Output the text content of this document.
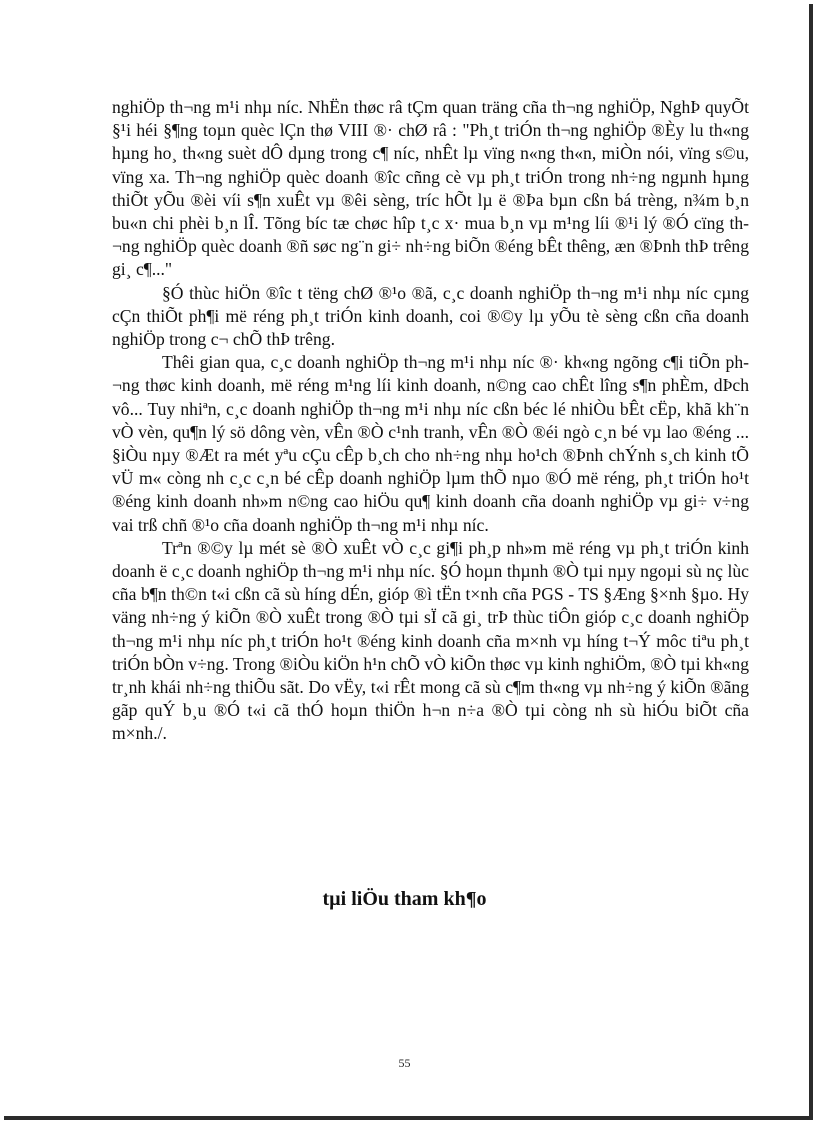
nghiÖp th¬ng m¹i nhµ níc. NhËn thøc râ tÇm quan träng cña th¬ng nghiÖp, NghÞ quyÕt §¹i héi §¶ng toµn quèc lÇn thø VIII ®· chØ râ : "Ph¸t triÓn th¬ng nghiÖp ®Èy lu th«ng hµng ho¸ th«ng suèt dÔ dµng trong c¶ níc, nhÊt lµ vïng n«ng th«n, miÒn nói, vïng s©u, vïng xa. Th¬ng nghiÖp quèc doanh ®îc cñng cè vµ ph¸t triÓn trong nh÷ng ngµnh hµng thiÕt yÕu ®èi víi s¶n xuÊt vµ ®êi sèng, tríc hÕt lµ ë ®Þa bµn cßn bá trèng, n¾m b¸n bu«n chi phèi b¸n lÎ. Tõng bíc tæ chøc hîp t¸c x· mua b¸n vµ m¹ng líi ®¹i lý ®Ó cïng th¬ng nghiÖp quèc doanh ®ñ søc ng¨n gi÷ nh÷ng biÕn ®éng bÊt thêng, æn ®Þnh thÞ trêng gi¸ c¶..."

§Ó thùc hiÖn ®îc t tëng chØ ®¹o ®ã, c¸c doanh nghiÖp th¬ng m¹i nhµ níc cµng cÇn thiÕt ph¶i më réng ph¸t triÓn kinh doanh, coi ®©y lµ yÕu tè sèng cßn cña doanh nghiÖp trong c¬ chÕ thÞ trêng.

Thêi gian qua, c¸c doanh nghiÖp th¬ng m¹i nhµ níc ®· kh«ng ngõng c¶i tiÕn ph¬ng thøc kinh doanh, më réng m¹ng líi kinh doanh, n©ng cao chÊt lîng s¶n phÈm, dÞch vô... Tuy nhiªn, c¸c doanh nghiÖp th¬ng m¹i nhµ níc cßn béc lé nhiÒu bÊt cËp, khã kh¨n vÒ vèn, qu¶n lý sö dông vèn, vÊn ®Ò c¹nh tranh, vÊn ®Ò ®éi ngò c¸n bé vµ lao ®éng ... §iÒu nµy ®Æt ra mét yªu cÇu cÊp b¸ch cho nh÷ng nhµ ho¹ch ®Þnh chÝnh s¸ch kinh tÕ vÜ m« còng nh c¸c c¸n bé cÊp doanh nghiÖp lµm thÕ nµo ®Ó më réng, ph¸t triÓn ho¹t ®éng kinh doanh nh»m n©ng cao hiÖu qu¶ kinh doanh cña doanh nghiÖp vµ gi÷ v÷ng vai trß chñ ®¹o cña doanh nghiÖp th¬ng m¹i nhµ níc.

Trªn ®©y lµ mét sè ®Ò xuÊt vÒ c¸c gi¶i ph¸p nh»m më réng vµ ph¸t triÓn kinh doanh ë c¸c doanh nghiÖp th¬ng m¹i nhµ níc. §Ó hoµn thµnh ®Ò tµi nµy ngoµi sù nç lùc cña b¶n th©n t«i cßn cã sù híng dÉn, gióp ®ì tËn t×nh cña PGS - TS §Æng §×nh §µo. Hy väng nh÷ng ý kiÕn ®Ò xuÊt trong ®Ò tµi sÏ cã gi¸ trÞ thùc tiÔn gióp c¸c doanh nghiÖp th¬ng m¹i nhµ níc ph¸t triÓn ho¹t ®éng kinh doanh cña m×nh vµ híng t¬Ý môc tiªu ph¸t triÓn bÒn v÷ng. Trong ®iÒu kiÖn h¹n chÕ vÒ kiÕn thøc vµ kinh nghiÖm, ®Ò tµi kh«ng tr¸nh khái nh÷ng thiÕu sãt. Do vËy, t«i rÊt mong cã sù c¶m th«ng vµ nh÷ng ý kiÕn ®ãng gãp quÝ b¸u ®Ó t«i cã thÓ hoµn thiÖn h¬n n÷a ®Ò tµi còng nh sù hiÓu biÕt cña m×nh./.

tµi liÖu tham kh¶o
55
